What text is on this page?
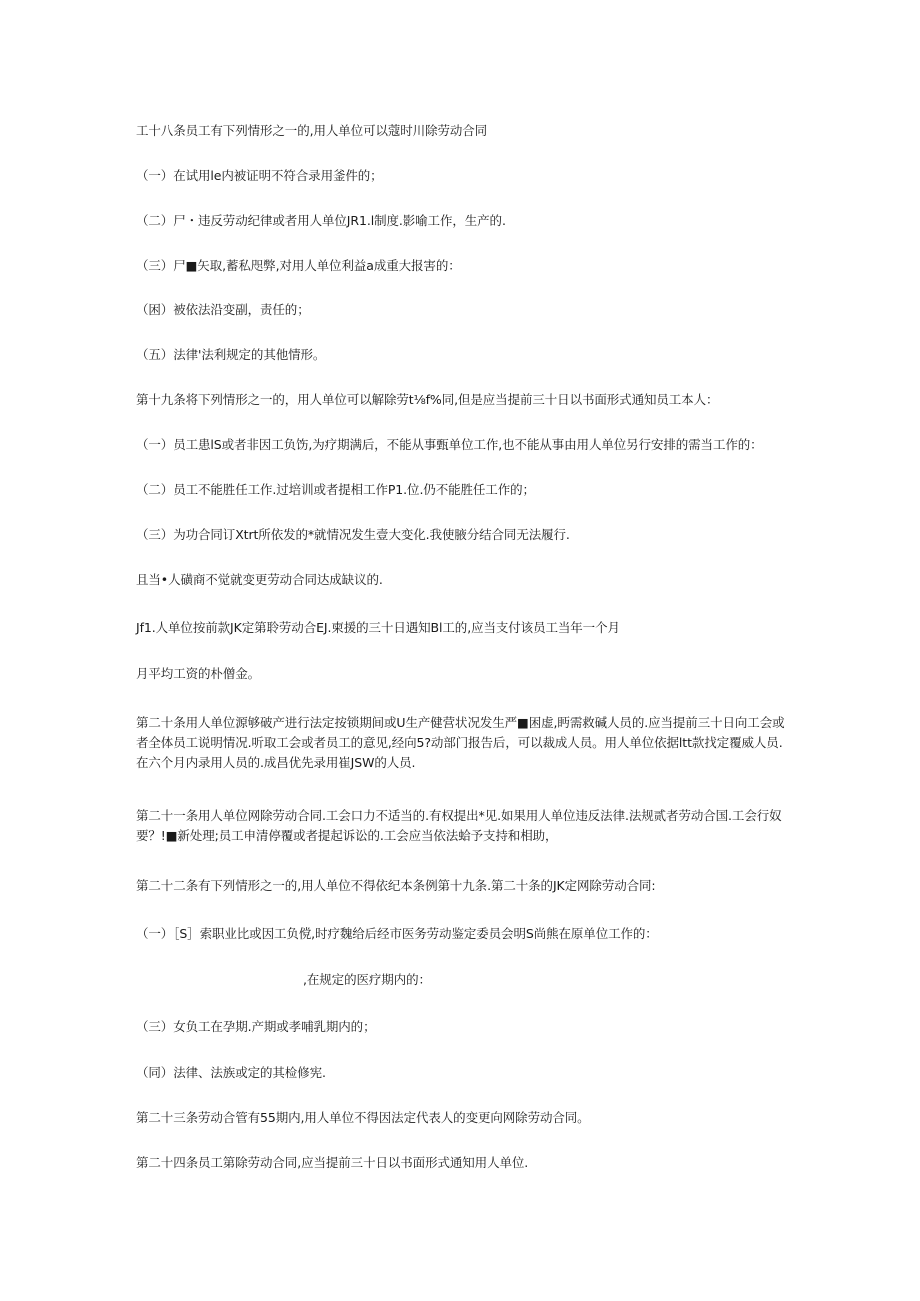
工十八条员工有下列情形之一的,用人单位可以蔻时川除劳动合同
（一）在试用le内被证明不符合录用釜件的；
（二）尸・违反劳动纪律或者用人单位JR1.l制度.影喻工作，生产的.
（三）尸■矢取,蓄私咫弊,对用人单位利益a成重大报害的：
（困）被依法沿变副，责任的；
（五）法律'法利规定的其他情形。
第十九条将下列情形之一的，用人单位可以解除劳t⅛f%同,但是应当提前三十日以书面形式通知员工本人：
（一）员工患lS或者非因工负饬,为疗期满后，不能从事甄单位工作,也不能从事由用人单位另行安排的需当工作的：
（二）员工不能胜任工作.过培训或者提相工作P1.位.仍不能胜任工作的；
（三）为功合同订Xtrt所依发的*就情况发生壹大变化.我使腋分结合同无法履行.
且当•人磺商不觉就变更劳动合同达成缺议的.
Jf1.人单位按前款JK定第聆劳动合EJ.柬援的三十日遇知Bl工的,应当支付该员工当年一个月
月平均工资的朴僧金。
第二十条用人单位源够破产进行法定按锁期间或U生产健营状况发生严■困虚,眄需救碱人员的.应当提前三十日向工会或者全体员工说明情况.听取工会或者员工的意见,经向5?动部门报告后，可以裁成人员。用人单位依据ltt款找定覆威人员.在六个月内录用人员的.成昌优先录用崔JSW的人员.
第二十一条用人单位网除劳动合同.工会口力不适当的.有权提出*见.如果用人单位违反法律.法规贰者劳动合国.工会行奴要？!■新处理;员工申清停覆或者提起诉讼的.工会应当依法蛤予支持和相助，
第二十二条有下列情形之一的,用人单位不得依纪本条例第十九条.第二十条的JK定网除劳动合同:
（一）［S］索职业比或因工负傥,时疗魏给后经市医务劳动鉴定委员会明S尚熊在原单位工作的：
,在规定的医疗期内的：
（三）女负工在孕期.产期或孝哺乳期内的；
（同）法律、法族或定的其检修宪.
第二十三条劳动合管有55期内,用人单位不得因法定代表人的变更向网除劳动合同。
第二十四条员工第除劳动合同,应当提前三十日以书面形式通知用人单位.
